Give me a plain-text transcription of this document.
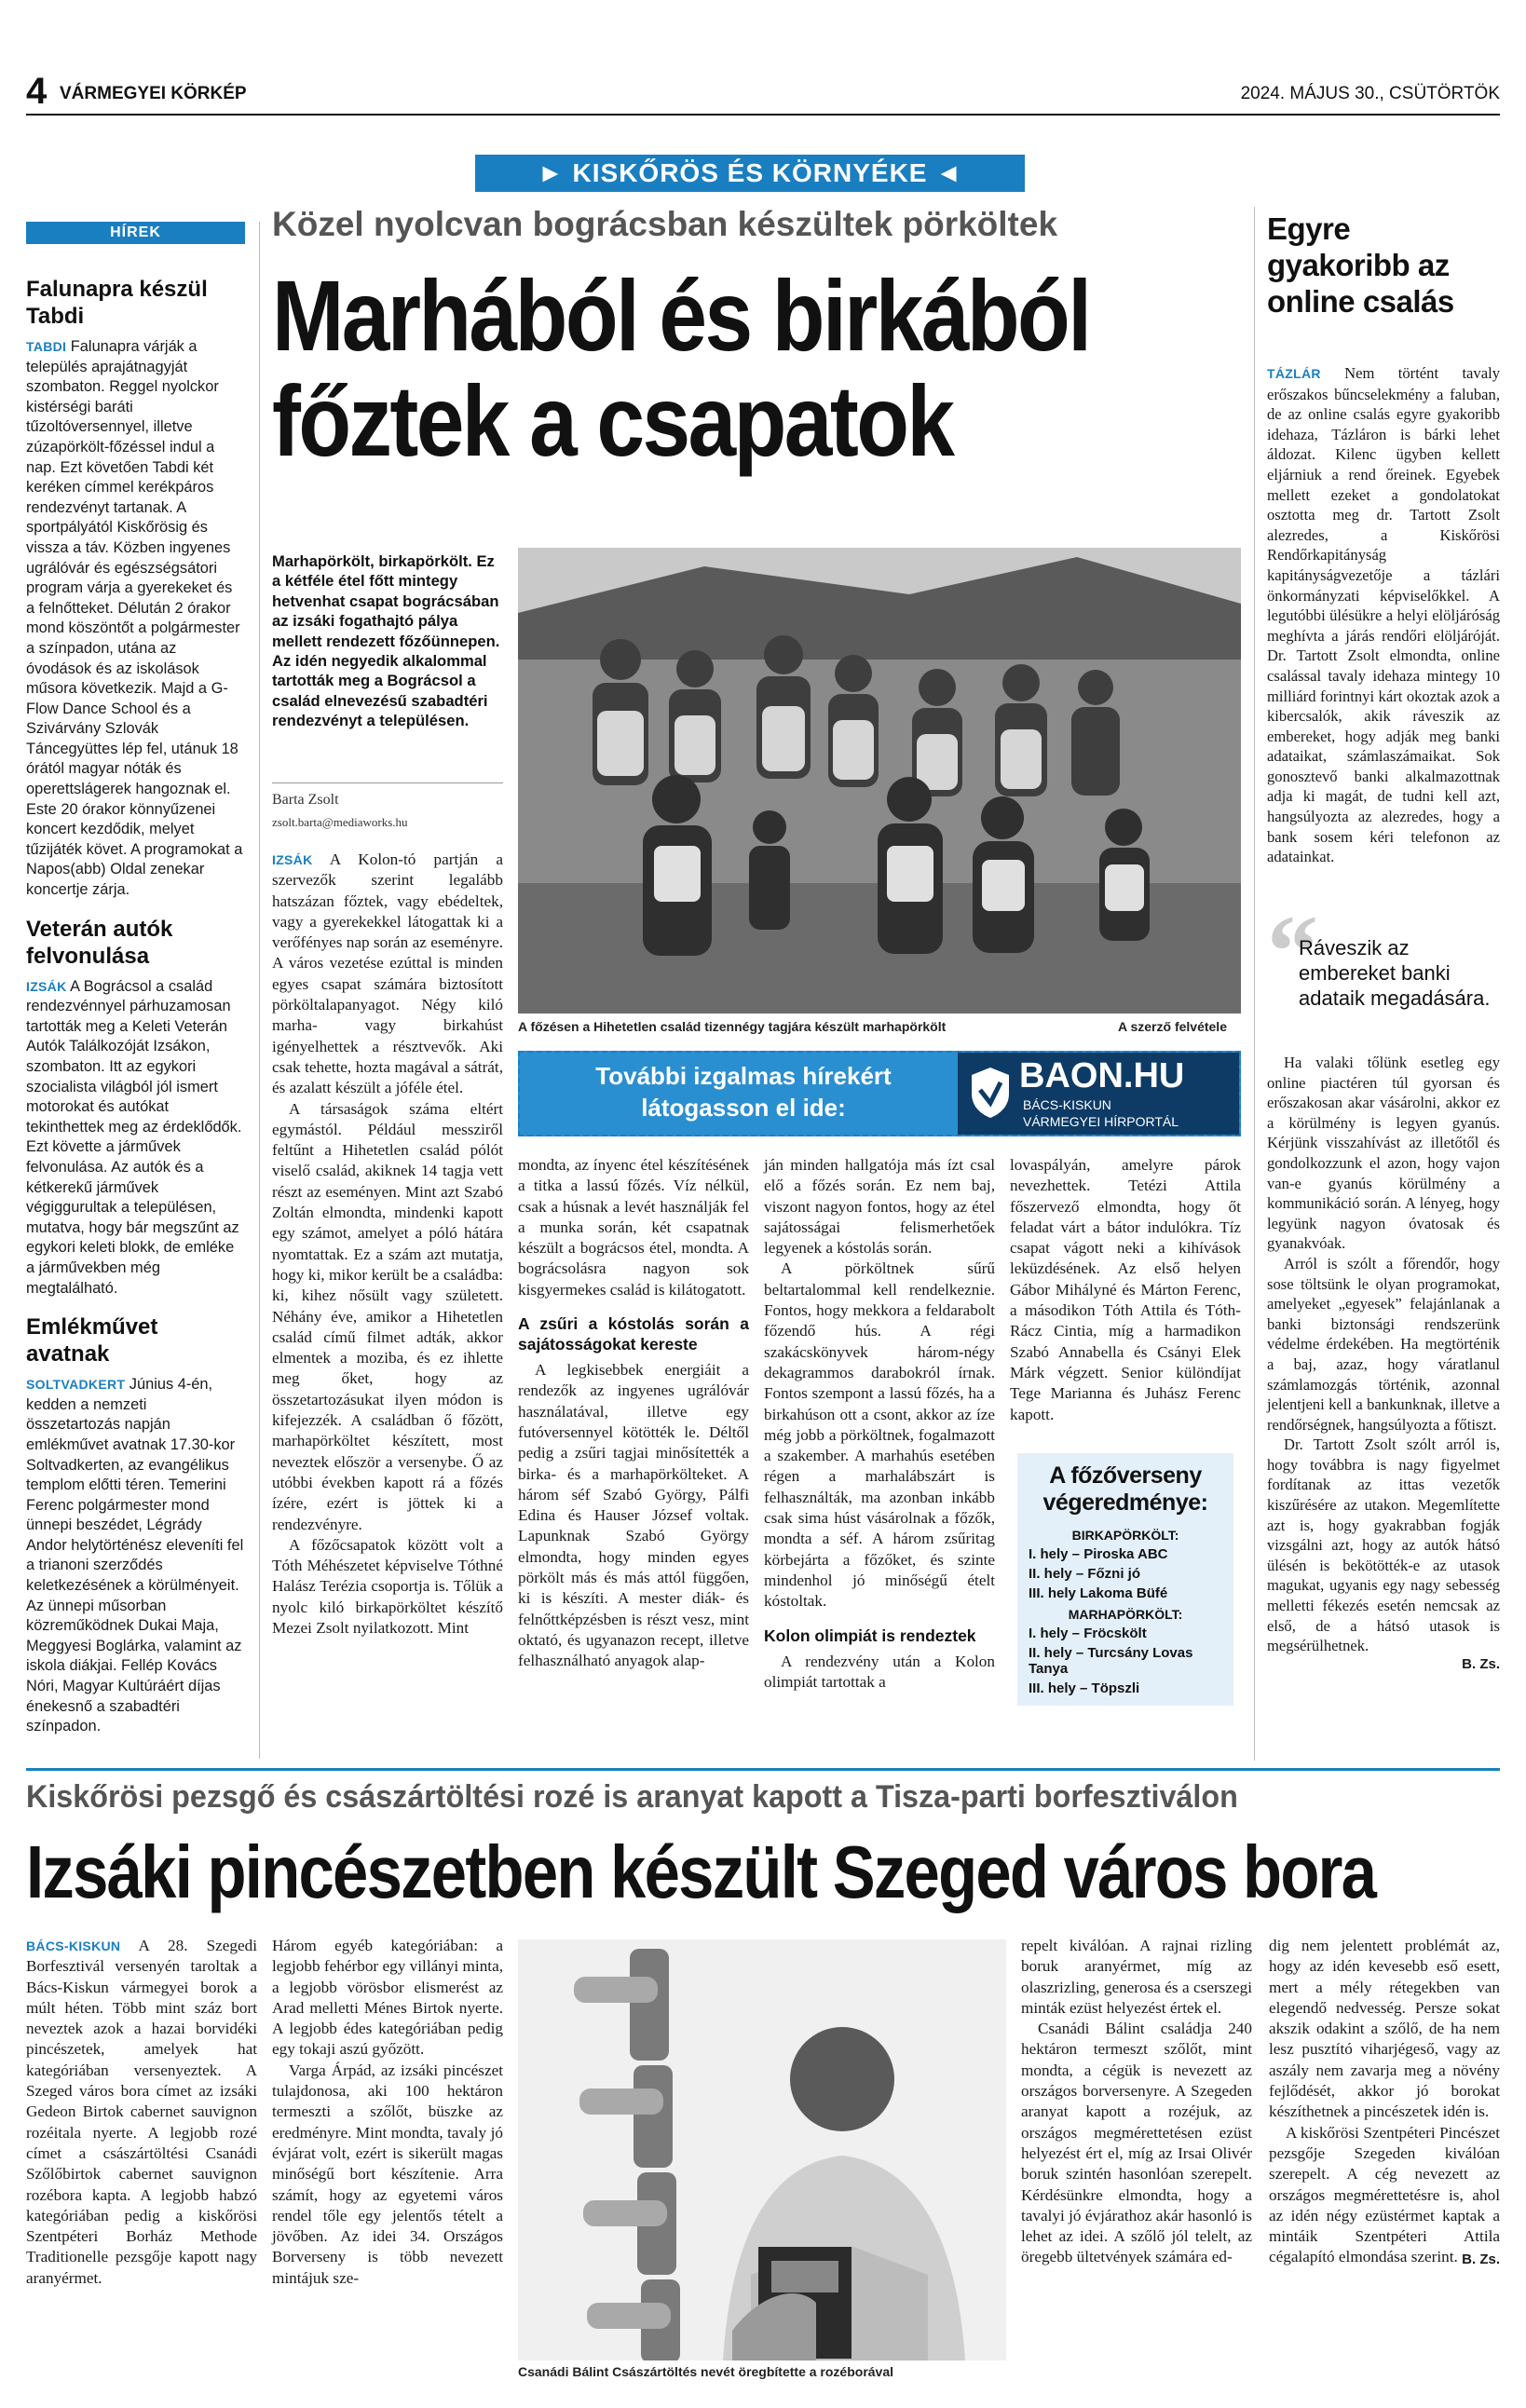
4 VÁRMEGYEI KÖRKÉP	2024. MÁJUS 30., CSÜTÖRTÖK
► KISKŐRÖS ÉS KÖRNYÉKE ◄
HÍREK
Falunapra készül Tabdi
TABDI Falunapra várják a település aprajátnagyját szombaton. Reggel nyolckor kistérségi baráti tűzoltóversennyel, illetve zúzapörkölt-főzéssel indul a nap. Ezt követően Tabdi két keréken címmel kerékpáros rendezvényt tartanak. A sportpályától Kiskőrösig és vissza a táv. Közben ingyenes ugrálóvár és egészségsátori program várja a gyerekeket és a felnőtteket. Délután 2 órakor mond köszöntőt a polgármester a színpadon, utána az óvodások és az iskolások műsora következik. Majd a G-Flow Dance School és a Szivárvány Szlovák Táncegyüttes lép fel, utánuk 18 órától magyar nóták és operettslágerek hangoznak el. Este 20 órakor könnyűzenei koncert kezdődik, melyet tűzijáték követ. A programokat a Napos(abb) Oldal zenekar koncertje zárja.
Veterán autók felvonulása
IZSÁK A Bográcsol a család rendezvénnyel párhuzamosan tartották meg a Keleti Veterán Autók Találkozóját Izsákon, szombaton. Itt az egykori szocialista világból jól ismert motorokat és autókat tekinthettek meg az érdeklődők. Ezt követte a járművek felvonulása. Az autók és a kétkerekű járművek végiggurultak a településen, mutatva, hogy bár megszűnt az egykori keleti blokk, de emléke a járművekben még megtalálható.
Emlékművet avatnak
SOLTVADKERT Június 4-én, kedden a nemzeti összetartozás napján emlékművet avatnak 17.30-kor Soltvadkerten, az evangélikus templom előtti téren. Temerini Ferenc polgármester mond ünnepi beszédet, Légrády Andor helytörténész eleveníti fel a trianoni szerződés keletkezésének a körülményeit. Az ünnepi műsorban közreműködnek Dukai Maja, Meggyesi Boglárka, valamint az iskola diákjai. Fellép Kovács Nóri, Magyar Kultúráért díjas énekesnő a szabadtéri színpadon.
Közel nyolcvan bográcsban készültek pörköltek
Marhából és birkából főztek a csapatok
Marhapörkölt, birkapörkölt. Ez a kétféle étel főtt mintegy hetvenhat csapat bográcsában az izsáki fogathajtó pálya mellett rendezett főzőünnepen. Az idén negyedik alkalommal tartották meg a Bográcsol a család elnevezésű szabadtéri rendezvényt a településen.
Barta Zsolt
zsolt.barta@mediaworks.hu
A főzésen a Hihetetlen család tizennégy tagjára készült marhapörkölt	A szerző felvétele
További izgalmas hírekért
látogasson el ide:
BAON.HU
BÁCS-KISKUN
VÁRMEGYEI HÍRPORTÁL

IZSÁK A Kolon-tó partján a szervezők szerint legalább hatszázan főztek, vagy ebédeltek, vagy a gyerekekkel látogattak ki a verőfényes nap során az eseményre. A város vezetése ezúttal is minden egyes csapat számára biztosított pörköltalapanyagot. Négy kiló marha- vagy birkahúst igényelhettek a résztvevők. Aki csak tehette, hozta magával a sátrát, és azalatt készült a jóféle étel.

A társaságok száma eltért egymástól. Például messziről feltűnt a Hihetetlen család pólót viselő család, akiknek 14 tagja vett részt az eseményen. Mint azt Szabó Zoltán elmondta, mindenki kapott egy számot, amelyet a póló hátára nyomtattak. Ez a szám azt mutatja, hogy ki, mikor került be a családba: ki, kihez nősült vagy született. Néhány éve, amikor a Hihetetlen család című filmet adták, akkor elmentek a moziba, és ez ihlette meg őket, hogy az összetartozásukat ilyen módon is kifejezzék. A családban ő főzött, marhapörköltet készített, most neveztek először a versenybe. Ő az utóbbi években kapott rá a főzés ízére, ezért is jöttek ki a rendezvényre.

A főzőcsapatok között volt a Tóth Méhészetet képviselve Tóthné Halász Terézia csoportja is. Tőlük a nyolc kiló birkapörköltet készítő Mezei Zsolt nyilatkozott. Mint

mondta, az ínyenc étel készítésének a titka a lassú főzés. Víz nélkül, csak a húsnak a levét használják fel a munka során, két csapatnak készült a bográcsos étel, mondta. A bográcsolásra nagyon sok kisgyermekes család is kilátogatott.

A zsűri a kóstolás során a sajátosságokat kereste

A legkisebbek energiáit a rendezők az ingyenes ugrálóvár használatával, illetve egy futóversennyel kötötték le. Déltől pedig a zsűri tagjai minősítették a birka- és a marhapörkölteket. A három séf Szabó György, Pálfi Edina és Hauser József voltak. Lapunknak Szabó György elmondta, hogy minden egyes pörkölt más és más attól függően, ki is készíti. A mester diák- és felnőttképzésben is részt vesz, mint oktató, és ugyanazon recept, illetve felhasználható anyagok alap-

ján minden hallgatója más ízt csal elő a főzés során. Ez nem baj, viszont nagyon fontos, hogy az étel sajátosságai felismerhetőek legyenek a kóstolás során.

A pörköltnek sűrű beltartalommal kell rendelkeznie. Fontos, hogy mekkora a feldarabolt főzendő hús. A régi szakácskönyvek három-négy dekagrammos darabokról írnak. Fontos szempont a lassú főzés, ha a birkahúson ott a csont, akkor az íze még jobb a pörköltnek, fogalmazott a szakember. A marhahús esetében régen a marhalábszárt is felhasználták, ma azonban inkább csak sima húst vásárolnak a főzők, mondta a séf. A három zsűritag körbejárta a főzőket, és szinte mindenhol jó minőségű ételt kóstoltak.

Kolon olimpiát is rendeztek

A rendezvény után a Kolon olimpiát tartottak a

lovaspályán, amelyre párok nevezhettek. Tetézi Attila főszervező elmondta, hogy őt feladat várt a bátor indulókra. Tíz csapat vágott neki a kihívások leküzdésének. Az első helyen Gábor Mihályné és Márton Ferenc, a másodikon Tóth Attila és Tóth-Rácz Cintia, míg a harmadikon Szabó Annabella és Csányi Elek Márk végzett. Senior különdíjat Tege Marianna és Juhász Ferenc kapott.

A főzőverseny végeredménye:
BIRKAPÖRKÖLT:
I. hely – Piroska ABC
II. hely – Főzni jó
III. hely Lakoma Büfé
MARHAPÖRKÖLT:
I. hely – Fröcskölt
II. hely – Turcsány Lovas Tanya
III. hely – Töpszli
Egyre gyakoribb az online csalás

TÁZLÁR Nem történt tavaly erőszakos bűncselekmény a faluban, de az online csalás egyre gyakoribb idehaza, Tázláron is bárki lehet áldozat. Kilenc ügyben kellett eljárniuk a rend őreinek. Egyebek mellett ezeket a gondolatokat osztotta meg dr. Tartott Zsolt alezredes, a Kiskőrösi Rendőrkapitányság kapitányságvezetője a tázlári önkormányzati képviselőkkel. A legutóbbi ülésükre a helyi elöljáróság meghívta a járás rendőri elöljáróját. Dr. Tartott Zsolt elmondta, online csalással tavaly idehaza mintegy 10 milliárd forintnyi kárt okoztak azok a kibercsalók, akik ráveszik az embereket, hogy adják meg banki adataikat, számlaszámaikat. Sok gonosztevő banki alkalmazottnak adja ki magát, de tudni kell azt, hangsúlyozta az alezredes, hogy a bank sosem kéri telefonon az adatainkat.

“
Ráveszik az embereket banki adataik megadására.

Ha valaki tőlünk esetleg egy online piactéren túl gyorsan és erőszakosan akar vásárolni, akkor ez a körülmény is legyen gyanús. Kérjünk visszahívást az illetőtől és gondolkozzunk el azon, hogy vajon van-e gyanús körülmény a kommunikáció során. A lényeg, hogy legyünk nagyon óvatosak és gyanakvóak.

Arról is szólt a főrendőr, hogy sose töltsünk le olyan programokat, amelyeket „egyesek” felajánlanak a banki biztonsági rendszerünk védelme érdekében. Ha megtörténik a baj, azaz, hogy váratlanul számlamozgás történik, azonnal jelentjeni kell a bankunknak, illetve a rendőrségnek, hangsúlyozta a főtiszt.

Dr. Tartott Zsolt szólt arról is, hogy továbbra is nagy figyelmet fordítanak az ittas vezetők kiszűrésére az utakon. Megemlítette azt is, hogy gyakrabban fogják vizsgálni azt, hogy az autók hátsó ülésén is bekötötték-e az utasok magukat, ugyanis egy nagy sebesség melletti fékezés esetén nemcsak az első, de a hátsó utasok is megsérülhetnek.

B. Zs.
Kiskőrösi pezsgő és császártöltési rozé is aranyat kapott a Tisza-parti borfesztiválon
Izsáki pincészetben készült Szeged város bora

BÁCS-KISKUN A 28. Szegedi Borfesztivál versenyén taroltak a Bács-Kiskun vármegyei borok a múlt héten. Több mint száz bort neveztek azok a hazai borvidéki pincészetek, amelyek hat kategóriában versenyeztek. A Szeged város bora címet az izsáki Gedeon Birtok cabernet sauvignon rozéitala nyerte. A legjobb rozé címet a császártöltési Csanádi Szőlőbirtok cabernet sauvignon rozébora kapta. A legjobb habzó kategóriában pedig a kiskőrösi Szentpéteri Borház Methode Traditionelle pezsgője kapott nagy aranyérmet.

Három egyéb kategóriában: a legjobb fehérbor egy villányi minta, a legjobb vörösbor elismerést az Arad melletti Ménes Birtok nyerte. A legjobb édes kategóriában pedig egy tokaji aszú győzött.

Varga Árpád, az izsáki pincészet tulajdonosa, aki 100 hektáron termeszti a szőlőt, büszke az eredményre. Mint mondta, tavaly jó évjárat volt, ezért is sikerült magas minőségű bort készítenie. Arra számít, hogy az egyetemi város rendel tőle egy jelentős tételt a jövőben. Az idei 34. Országos Borverseny is több nevezett mintájuk sze-

Csanádi Bálint Császártöltés nevét öregbítette a rozéborával

repelt kiválóan. A rajnai rizling boruk aranyérmet, míg az olaszrizling, generosa és a cserszegi minták ezüst helyezést értek el.

Csanádi Bálint családja 240 hektáron termeszt szőlőt, mint mondta, a cégük is nevezett az országos borversenyre. A Szegeden aranyat kapott a rozéjuk, az országos megmérettetésen ezüst helyezést ért el, míg az Irsai Olivér boruk szintén hasonlóan szerepelt. Kérdésünkre elmondta, hogy a tavalyi jó évjárathoz akár hasonló is lehet az idei. A szőlő jól telelt, az öregebb ültetvények számára ed-

dig nem jelentett problémát az, hogy az idén kevesebb eső esett, mert a mély rétegekben van elegendő nedvesség. Persze sokat akszik odakint a szőlő, de ha nem lesz pusztító viharjégeső, vagy az aszály nem zavarja meg a növény fejlődését, akkor jó borokat készíthetnek a pincészetek idén is.

A kiskőrösi Szentpéteri Pincészet pezsgője Szegeden kiválóan szerepelt. A cég nevezett az országos megmérettetésre is, ahol az idén négy ezüstérmet kaptak a mintáik Szentpéteri Attila cégalapító elmondása szerint. B. Zs.
